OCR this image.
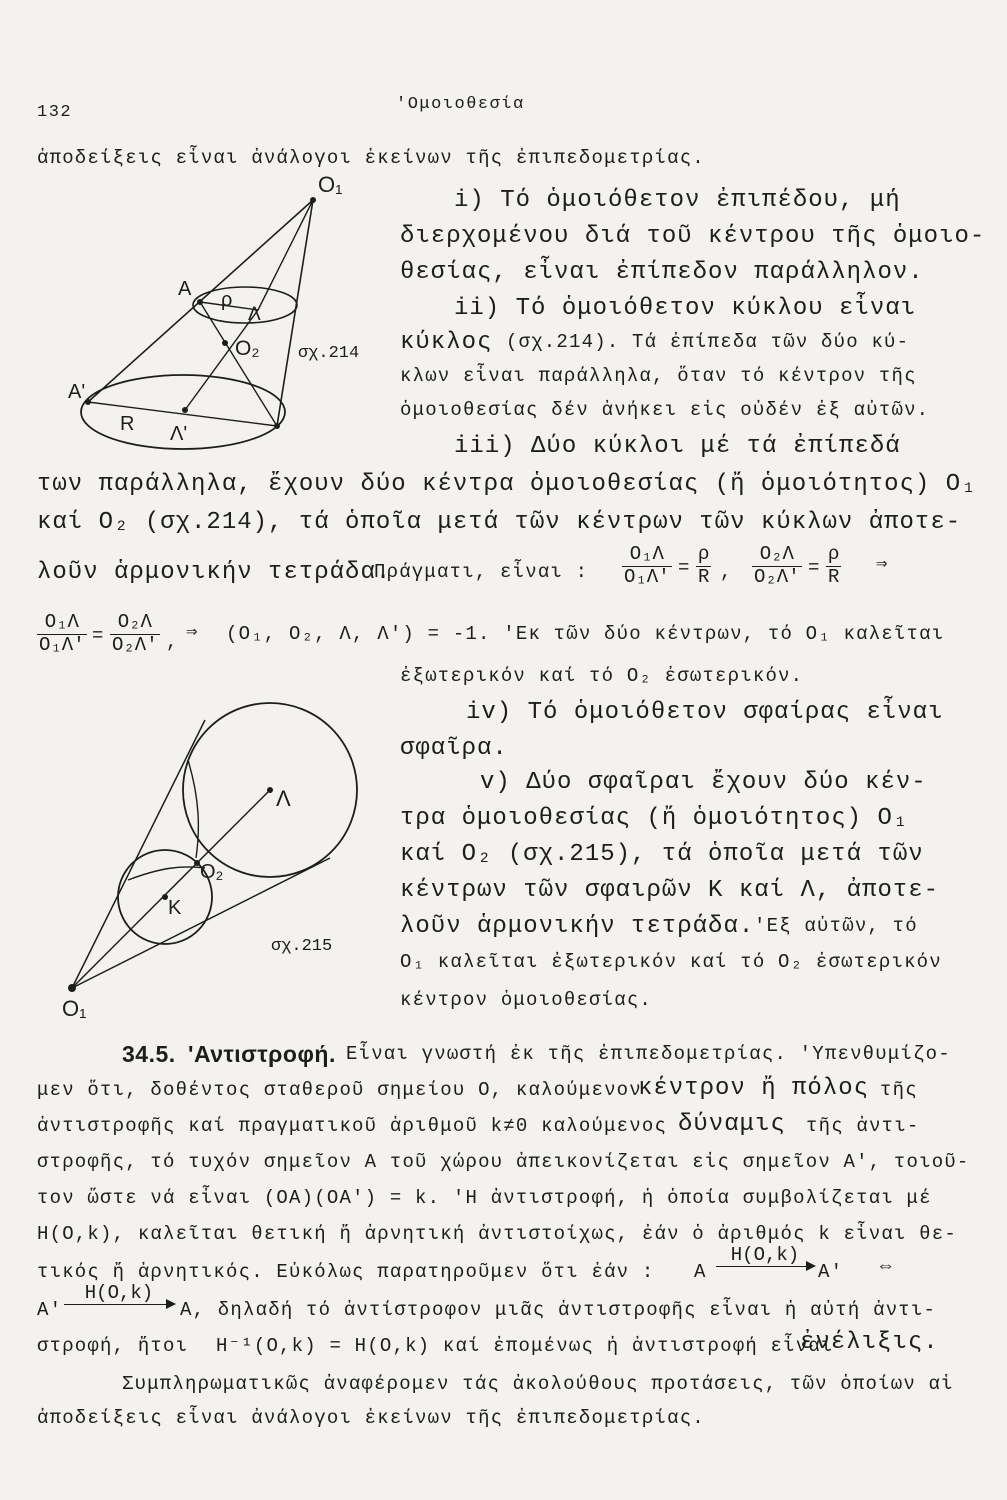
132	'Ομοιοθεσία
ἀποδείξεις εἶναι ἀνάλογοι ἐκείνων τῆς ἐπιπεδομετρίας.
O₁
A ρ
Λ
O₂
A'
R Λ'
σχ.214
i) Τό ὁμοιόθετον ἐπιπέδου, μή
διερχομένου διά τοῦ κέντρου τῆς ὁμοιο-
θεσίας, εἶναι ἐπίπεδον παράλληλον.
ii) Τό ὁμοιόθετον κύκλου εἶναι
κύκλος (σχ.214). Τά ἐπίπεδα τῶν δύο κύ-
κλων εἶναι παράλληλα, ὅταν τό κέντρον τῆς
ὁμοιοθεσίας δέν ἀνήκει εἰς οὐδέν ἐξ αὐτῶν.
iii) Δύο κύκλοι μέ τά ἐπίπεδά
των παράλληλα, ἔχουν δύο κέντρα ὁμοιοθεσίας (ἤ ὁμοιότητος) O₁
καί O₂ (σχ.214), τά ὁποῖα μετά τῶν κέντρων τῶν κύκλων ἀποτε-
λοῦν ἁρμονικήν τετράδα.
Πράγματι, εἶναι : $\frac{\text{O₁Λ}}{\text{O₁Λ'}} = \frac{\rho}{R}$ , $\frac{\text{O₂Λ}}{\text{O₂Λ'}} = \frac{\rho}{R}$ ⇒
$\frac{\text{O₁Λ}}{\text{O₁Λ'}} = \frac{\text{O₂Λ}}{\text{O₂Λ'}}$ , ⇒ (O₁, O₂, Λ, Λ') = -1. 'Εκ τῶν δύο κέντρων, τό O₁ καλεῖται
ἐξωτερικόν καί τό O₂ ἐσωτερικόν.
Λ
O₂
K
O₁
σχ.215
iv) Τό ὁμοιόθετον σφαίρας εἶναι
σφαῖρα.
v) Δύο σφαῖραι ἔχουν δύο κέν-
τρα ὁμοιοθεσίας (ἤ ὁμοιότητος) O₁
καί O₂ (σχ.215), τά ὁποῖα μετά τῶν
κέντρων τῶν σφαιρῶν Κ καί Λ, ἀποτε-
λοῦν ἁρμονικήν τετράδα. 'Εξ αὐτῶν, τό
O₁ καλεῖται ἐξωτερικόν καί τό O₂ ἐσωτερικόν
κέντρον ὁμοιοθεσίας.
34.5. 'Αντιστροφή. Εἶναι γνωστή ἐκ τῆς ἐπιπεδομετρίας. 'Υπενθυμίζο-
μεν ὅτι, δοθέντος σταθεροῦ σημείου Ο, καλούμενον
κέντρον ἤ πόλος τῆς
ἀντιστροφῆς καί πραγματικοῦ ἀριθμοῦ k≠0 καλούμενος δύναμις τῆς ἀντι-
στροφῆς, τό τυχόν σημεῖον Α τοῦ χώρου ἀπεικονίζεται εἰς σημεῖον Α', τοιοῦ-
τον ὥστε νά εἶναι (OA)(OA') = k. 'Η ἀντιστροφή, ἡ ὁποία συμβολίζεται μέ
H(O,k), καλεῖται θετική ἤ ἀρνητική ἀντιστοίχως, ἐάν ὁ ἀριθμός k εἶναι θε-
τικός ἤ ἀρνητικός. Εὐκόλως παρατηροῦμεν ὅτι ἐάν : Α
H(O,k)
Α' ⇔
Α'
H(O,k)
Α, δηλαδή τό ἀντίστροφον μιᾶς ἀντιστροφῆς εἶναι ἡ αὐτή ἀντι-
στροφή, ἤτοι H⁻¹(O,k) = H(O,k) καί ἐπομένως ἡ ἀντιστροφή εἶναι
ἐνέλιξις.
Συμπληρωματικῶς ἀναφέρομεν τάς ἀκολούθους προτάσεις, τῶν ὁποίων αἱ
ἀποδείξεις εἶναι ἀνάλογοι ἐκείνων τῆς ἐπιπεδομετρίας.
